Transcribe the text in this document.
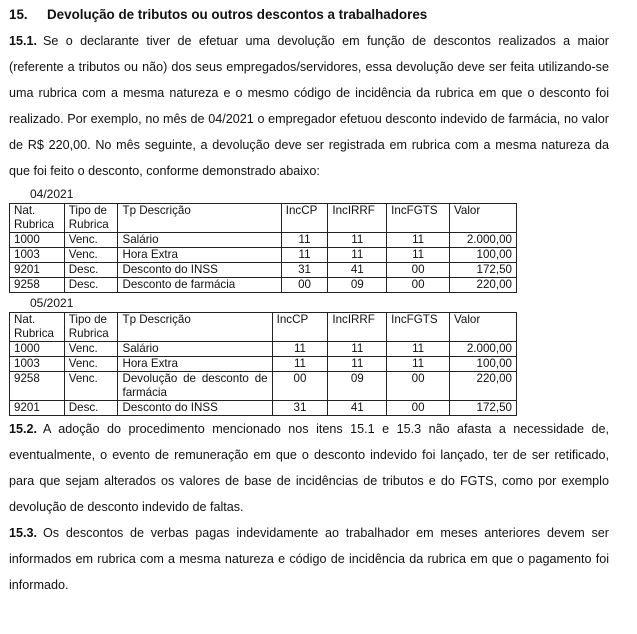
15. Devolução de tributos ou outros descontos a trabalhadores

15.1. Se o declarante tiver de efetuar uma devolução em função de descontos realizados a maior (referente a tributos ou não) dos seus empregados/servidores, essa devolução deve ser feita utilizando-se uma rubrica com a mesma natureza e o mesmo código de incidência da rubrica em que o desconto foi realizado. Por exemplo, no mês de 04/2021 o empregador efetuou desconto indevido de farmácia, no valor de R$ 220,00. No mês seguinte, a devolução deve ser registrada em rubrica com a mesma natureza da que foi feito o desconto, conforme demonstrado abaixo:

04/2021
Nat. Rubrica	Tipo de Rubrica	Tp Descrição	IncCP	IncIRRF	IncFGTS	Valor
1000	Venc.	Salário	11	11	11	2.000,00
1003	Venc.	Hora Extra	11	11	11	100,00
9201	Desc.	Desconto do INSS	31	41	00	172,50
9258	Desc.	Desconto de farmácia	00	09	00	220,00
05/2021
Nat. Rubrica	Tipo de Rubrica	Tp Descrição	IncCP	IncIRRF	IncFGTS	Valor
1000	Venc.	Salário	11	11	11	2.000,00
1003	Venc.	Hora Extra	11	11	11	100,00
9258	Venc.	Devolução de desconto de farmácia	00	09	00	220,00
9201	Desc.	Desconto do INSS	31	41	00	172,50

15.2. A adoção do procedimento mencionado nos itens 15.1 e 15.3 não afasta a necessidade de, eventualmente, o evento de remuneração em que o desconto indevido foi lançado, ter de ser retificado, para que sejam alterados os valores de base de incidências de tributos e do FGTS, como por exemplo devolução de desconto indevido de faltas.

15.3. Os descontos de verbas pagas indevidamente ao trabalhador em meses anteriores devem ser informados em rubrica com a mesma natureza e código de incidência da rubrica em que o pagamento foi informado.
